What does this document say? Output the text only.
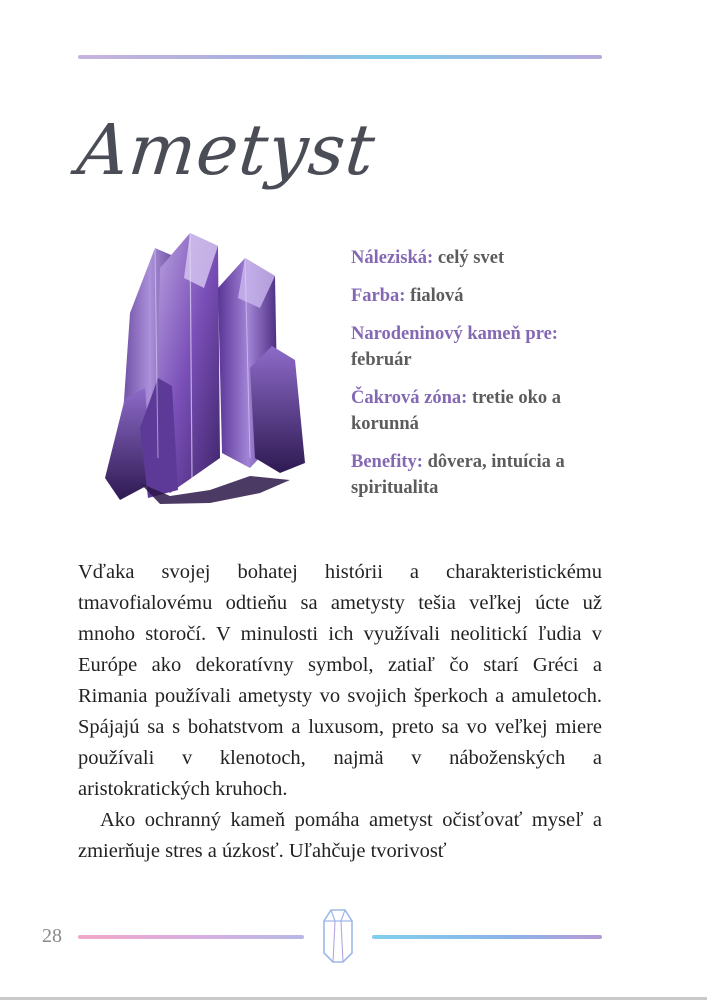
Ametyst

Náleziská: celý svet

Farba: fialová

Narodeninový kameň pre: február

Čakrová zóna: tretie oko a korunná

Benefity: dôvera, intuícia a spiritualita

Vďaka svojej bohatej histórii a charakteristickému tmavofialovému odtieňu sa ametysty tešia veľkej úcte už mnoho storočí. V minulosti ich využívali neolitickí ľudia v Európe ako dekoratívny symbol, zatiaľ čo starí Gréci a Rimania používali ametysty vo svojich šperkoch a amuletoch. Spájajú sa s bohatstvom a luxusom, preto sa vo veľkej miere používali v klenotoch, najmä v náboženských a aristokratických kruhoch.

Ako ochranný kameň pomáha ametyst očisťovať myseľ a zmierňuje stres a úzkosť. Uľahčuje tvorivosť

28
